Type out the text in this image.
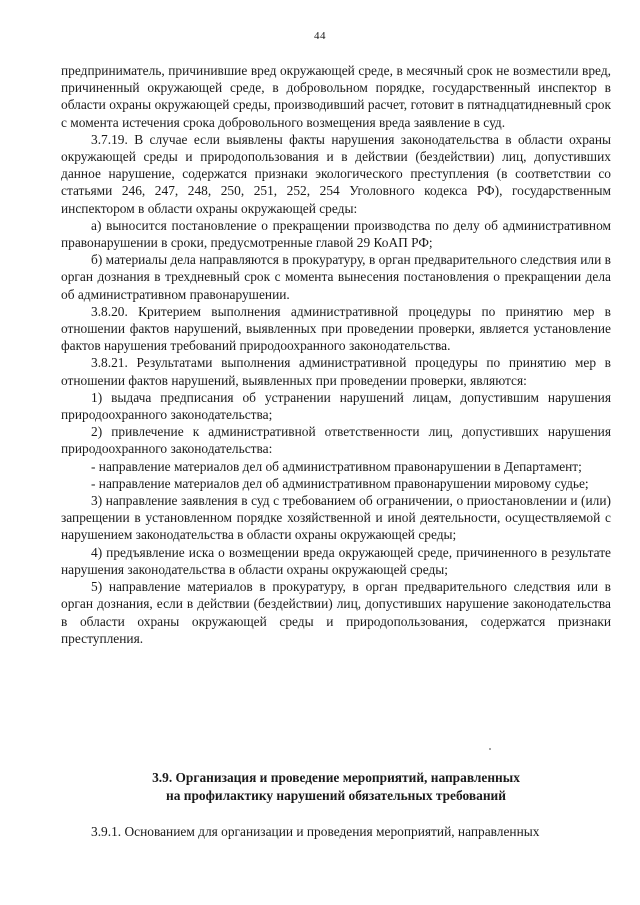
44

предприниматель, причинившие вред окружающей среде, в месячный срок не возместили вред, причиненный окружающей среде, в добровольном порядке, государственный инспектор в области охраны окружающей среды, производивший расчет, готовит в пятнадцатидневный срок с момента истечения срока добровольного возмещения вреда заявление в суд.

3.7.19. В случае если выявлены факты нарушения законодательства в области охраны окружающей среды и природопользования и в действии (бездействии) лиц, допустивших данное нарушение, содержатся признаки экологического преступления (в соответствии со статьями 246, 247, 248, 250, 251, 252, 254 Уголовного кодекса РФ), государственным инспектором в области охраны окружающей среды:

а) выносится постановление о прекращении производства по делу об административном правонарушении в сроки, предусмотренные главой 29 КоАП РФ;

б) материалы дела направляются в прокуратуру, в орган предварительного следствия или в орган дознания в трехдневный срок с момента вынесения постановления о прекращении дела об административном правонарушении.

3.8.20. Критерием выполнения административной процедуры по принятию мер в отношении фактов нарушений, выявленных при проведении проверки, является установление фактов нарушения требований природоохранного законодательства.

3.8.21. Результатами выполнения административной процедуры по принятию мер в отношении фактов нарушений, выявленных при проведении проверки, являются:

1) выдача предписания об устранении нарушений лицам, допустившим нарушения природоохранного законодательства;

2) привлечение к административной ответственности лиц, допустивших нарушения природоохранного законодательства:

- направление материалов дел об административном правонарушении в Департамент;

- направление материалов дел об административном правонарушении мировому судье;

3) направление заявления в суд с требованием об ограничении, о приостановлении и (или) запрещении в установленном порядке хозяйственной и иной деятельности, осуществляемой с нарушением законодательства в области охраны окружающей среды;

4) предъявление иска о возмещении вреда окружающей среде, причиненного в результате нарушения законодательства в области охраны окружающей среды;

5) направление материалов в прокуратуру, в орган предварительного следствия или в орган дознания, если в действии (бездействии) лиц, допустивших нарушение законодательства в области охраны окружающей среды и природопользования, содержатся признаки преступления.

3.9. Организация и проведение мероприятий, направленных
на профилактику нарушений обязательных требований

3.9.1. Основанием для организации и проведения мероприятий, направленных
